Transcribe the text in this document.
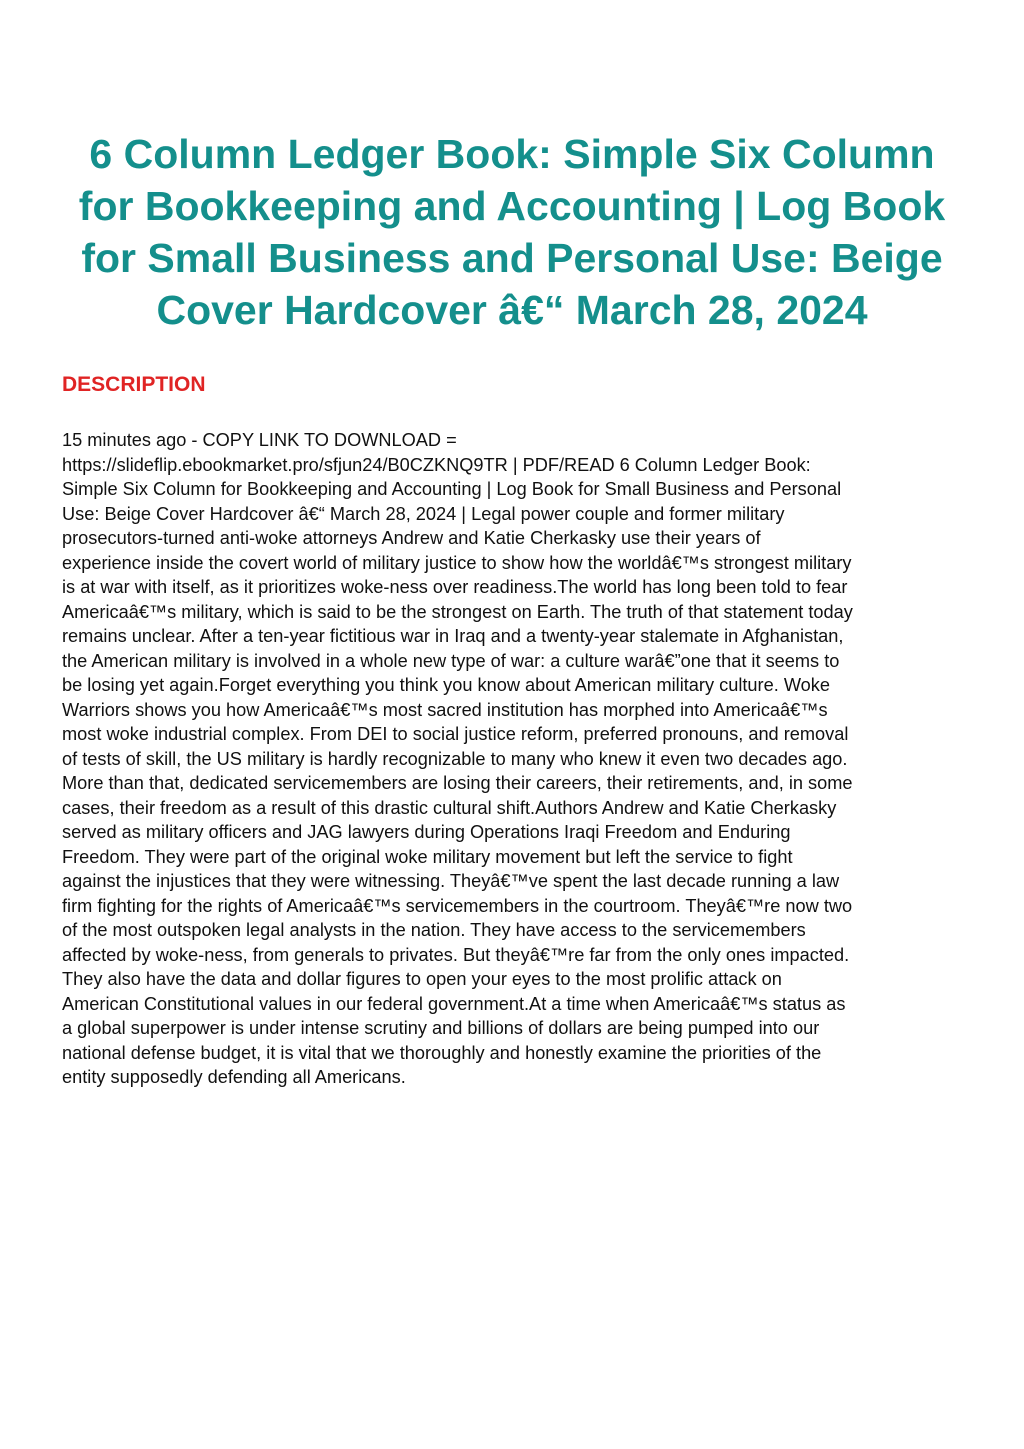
6 Column Ledger Book: Simple Six Column for Bookkeeping and Accounting | Log Book for Small Business and Personal Use: Beige Cover Hardcover â€“ March 28, 2024
DESCRIPTION

15 minutes ago - COPY LINK TO DOWNLOAD =
https://slideflip.ebookmarket.pro/sfjun24/B0CZKNQ9TR | PDF/READ 6 Column Ledger Book:
Simple Six Column for Bookkeeping and Accounting | Log Book for Small Business and Personal
Use: Beige Cover Hardcover â€“ March 28, 2024 | Legal power couple and former military
prosecutors-turned anti-woke attorneys Andrew and Katie Cherkasky use their years of
experience inside the covert world of military justice to show how the worldâ€™s strongest military
is at war with itself, as it prioritizes woke-ness over readiness.The world has long been told to fear
Americaâ€™s military, which is said to be the strongest on Earth. The truth of that statement today
remains unclear. After a ten-year fictitious war in Iraq and a twenty-year stalemate in Afghanistan,
the American military is involved in a whole new type of war: a culture warâ€”one that it seems to
be losing yet again.Forget everything you think you know about American military culture. Woke
Warriors shows you how Americaâ€™s most sacred institution has morphed into Americaâ€™s
most woke industrial complex. From DEI to social justice reform, preferred pronouns, and removal
of tests of skill, the US military is hardly recognizable to many who knew it even two decades ago.
More than that, dedicated servicemembers are losing their careers, their retirements, and, in some
cases, their freedom as a result of this drastic cultural shift.Authors Andrew and Katie Cherkasky
served as military officers and JAG lawyers during Operations Iraqi Freedom and Enduring
Freedom. They were part of the original woke military movement but left the service to fight
against the injustices that they were witnessing. Theyâ€™ve spent the last decade running a law
firm fighting for the rights of Americaâ€™s servicemembers in the courtroom. Theyâ€™re now two
of the most outspoken legal analysts in the nation. They have access to the servicemembers
affected by woke-ness, from generals to privates. But theyâ€™re far from the only ones impacted.
They also have the data and dollar figures to open your eyes to the most prolific attack on
American Constitutional values in our federal government.At a time when Americaâ€™s status as
a global superpower is under intense scrutiny and billions of dollars are being pumped into our
national defense budget, it is vital that we thoroughly and honestly examine the priorities of the
entity supposedly defending all Americans.
